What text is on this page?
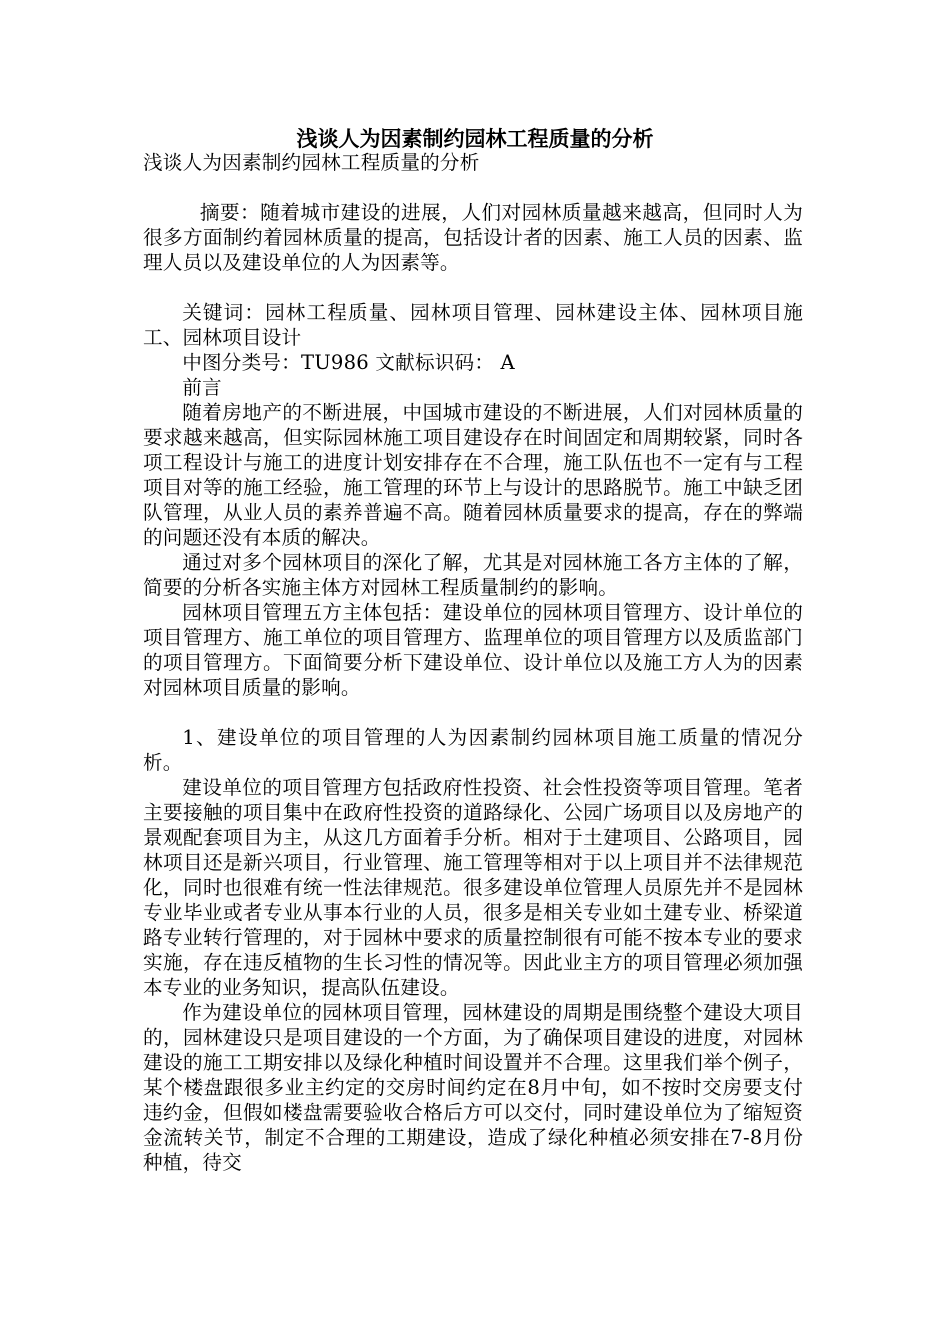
浅谈人为因素制约园林工程质量的分析

浅谈人为因素制约园林工程质量的分析

摘要：随着城市建设的进展，人们对园林质量越来越高，但同时人为很多方面制约着园林质量的提高，包括设计者的因素、施工人员的因素、监理人员以及建设单位的人为因素等。

关键词：园林工程质量、园林项目管理、园林建设主体、园林项目施工、园林项目设计

中图分类号：TU986 文献标识码： A

前言

随着房地产的不断进展，中国城市建设的不断进展，人们对园林质量的要求越来越高，但实际园林施工项目建设存在时间固定和周期较紧，同时各项工程设计与施工的进度计划安排存在不合理，施工队伍也不一定有与工程项目对等的施工经验，施工管理的环节上与设计的思路脱节。施工中缺乏团队管理，从业人员的素养普遍不高。随着园林质量要求的提高，存在的弊端的问题还没有本质的解决。

通过对多个园林项目的深化了解，尤其是对园林施工各方主体的了解，简要的分析各实施主体方对园林工程质量制约的影响。

园林项目管理五方主体包括：建设单位的园林项目管理方、设计单位的项目管理方、施工单位的项目管理方、监理单位的项目管理方以及质监部门的项目管理方。下面简要分析下建设单位、设计单位以及施工方人为的因素对园林项目质量的影响。

1、建设单位的项目管理的人为因素制约园林项目施工质量的情况分析。

建设单位的项目管理方包括政府性投资、社会性投资等项目管理。笔者主要接触的项目集中在政府性投资的道路绿化、公园广场项目以及房地产的景观配套项目为主，从这几方面着手分析。相对于土建项目、公路项目，园林项目还是新兴项目，行业管理、施工管理等相对于以上项目并不法律规范化，同时也很难有统一性法律规范。很多建设单位管理人员原先并不是园林专业毕业或者专业从事本行业的人员，很多是相关专业如土建专业、桥梁道路专业转行管理的，对于园林中要求的质量控制很有可能不按本专业的要求实施，存在违反植物的生长习性的情况等。因此业主方的项目管理必须加强本专业的业务知识，提高队伍建设。

作为建设单位的园林项目管理，园林建设的周期是围绕整个建设大项目的，园林建设只是项目建设的一个方面，为了确保项目建设的进度，对园林建设的施工工期安排以及绿化种植时间设置并不合理。这里我们举个例子，某个楼盘跟很多业主约定的交房时间约定在8月中旬，如不按时交房要支付违约金，但假如楼盘需要验收合格后方可以交付，同时建设单位为了缩短资金流转关节，制定不合理的工期建设，造成了绿化种植必须安排在7-8月份种植，待交
